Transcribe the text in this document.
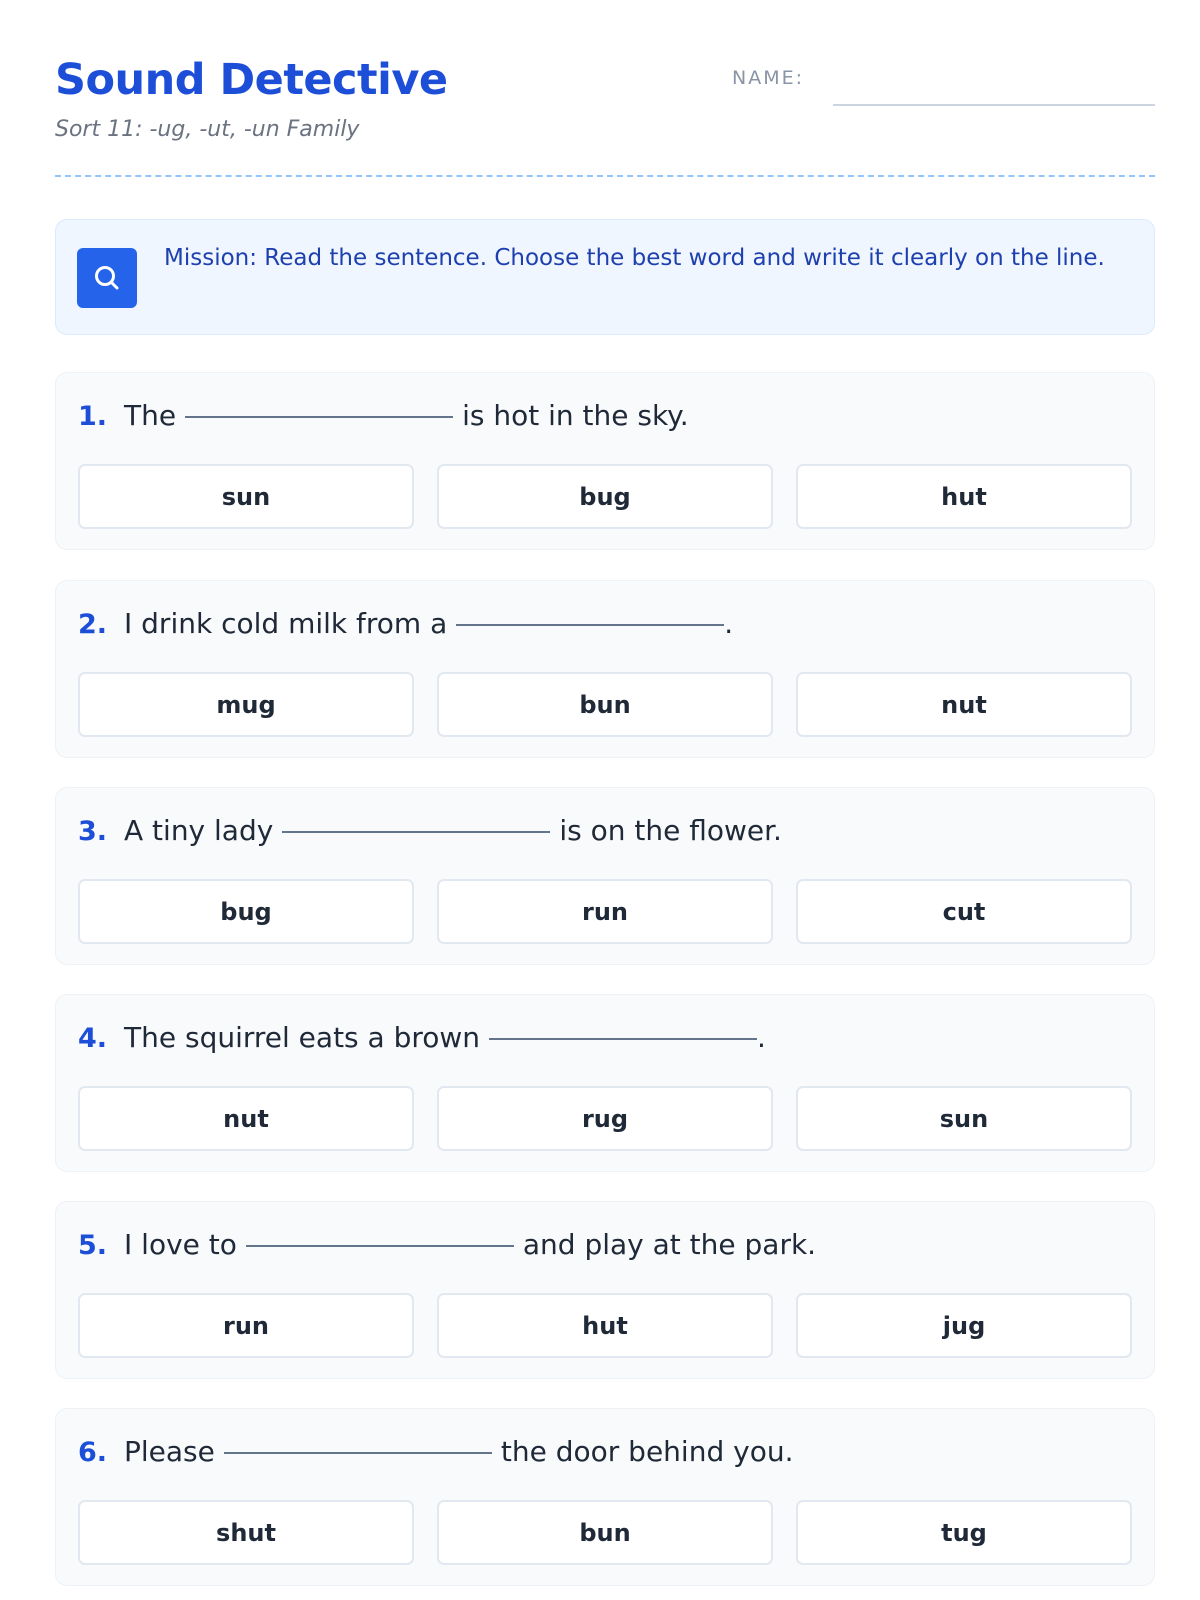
Sound Detective
Sort 11: -ug, -ut, -un Family
NAME:
Mission: Read the sentence. Choose the best word and write it clearly on the line.
1. The	is hot in the sky.
sun	bug	hut
2. I drink cold milk from a	.
mug	bun	nut
3. A tiny lady	is on the flower.
bug	run	cut
4. The squirrel eats a brown	.
nut	rug	sun
5. I love to	and play at the park.
run	hut	jug
6. Please	the door behind you.
shut	bun	tug
